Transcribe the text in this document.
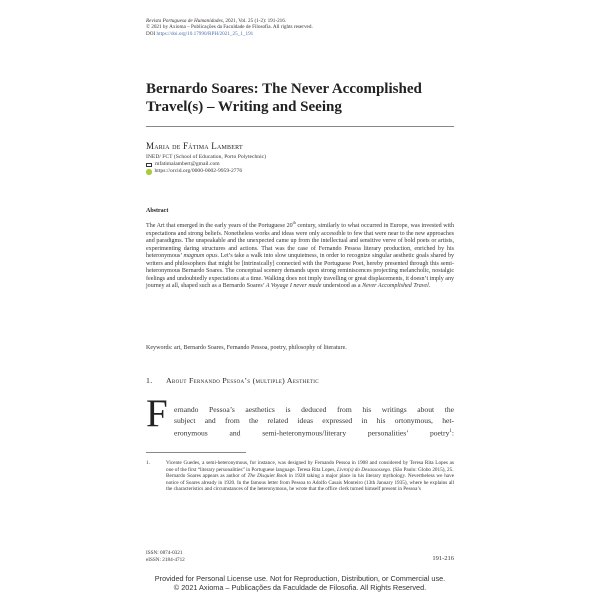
Revista Portuguesa de Humanidades, 2021, Vol. 25 (1-2): 191-216.
© 2021 by Axioma – Publicações da Faculdade de Filosofia. All rights reserved.
DOI https://doi.org/10.17990/RPH/2021_25_1_191
Bernardo Soares: The Never Accomplished
Travel(s) – Writing and Seeing
Maria de Fátima Lambert
INED/ FCT (School of Education, Porto Polytechnic)
mfatimalambert@gmail.com
https://orcid.org/0000-0002-9959-2776
Abstract

The Art that emerged in the early years of the Portuguese 20th century, similarly to what occurred in Europe, was invested with expectations and strong beliefs. Nonetheless works and ideas were only accessible to few that were near to the new approaches and paradigms. The unspeakable and the unexpected came up from the intellectual and sensitive verve of bold poets or artists, experimenting daring structures and actions. That was the case of Fernando Pessoa literary production, enriched by his heteronymous’ magnum opus. Let’s take a walk into slow unquietness, in order to recognize singular aesthetic goals shared by writers and philosophers that might be [intrinsically] connected with the Portuguese Poet, hereby presented through this semi-heteronymous Bernardo Soares. The conceptual scenery demands upon strong reminiscences projecting melancholic, nostalgic feelings and undoubtedly expectations at a time. Walking does not imply travelling or great displacements, it doesn’t imply any journey at all, shaped such as a Bernardo Soares’ A Voyage I never made understood as a Never Accomplished Travel.

Keywords: art, Bernardo Soares, Fernando Pessoa, poetry, philosophy of literature.
1. About Fernando Pessoa’s (multiple) Aesthetic
F ernando Pessoa’s aesthetics is deduced from his writings about the
subject and from the related ideas expressed in his ortonymous, het-
eronymous and semi-heteronymous/literary personalities’ poetry$^1$:
1.	Vicente Guedes, a semi-heteronymous, for instance, was designed by Fernando Pessoa in 1908 and considered by Teresa Rita Lopes as one of the first “literary personalities” in Portuguese language. Teresa Rita Lopes, Livro(s) do Desassossego. (São Paulo: Globo 2015), 25.
Bernardo Soares appears as author of The Disquiet Book in 1928 taking a major place in his literary mythology. Nevertheless we have notice of Soares already in 1920. In the famous letter from Pessoa to Adolfo Casais Monteiro (13th January 1935), where he explains all the characteristics and circumstances of the heteronymous, he wrote that the office clerk turned himself present in Pessoa’s
ISSN: 0874-0321
eISSN: 2184-4712	191-216
Provided for Personal License use. Not for Reproduction, Distribution, or Commercial use.
© 2021 Axioma – Publicações da Faculdade de Filosofia. All Rights Reserved.
